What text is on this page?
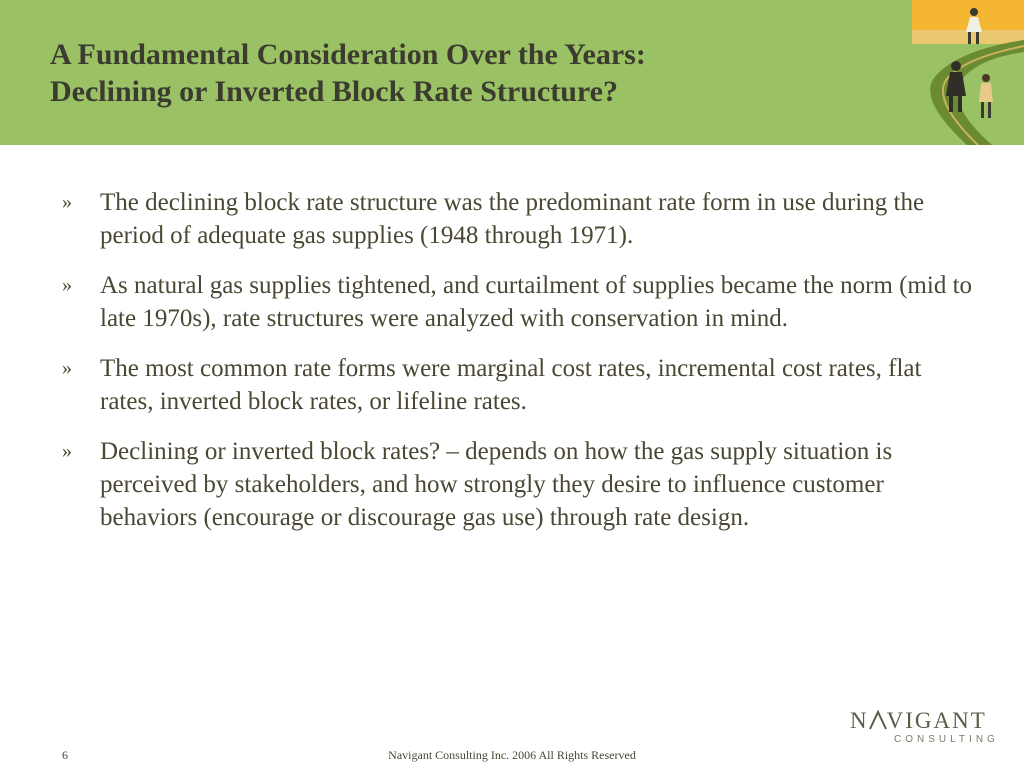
A Fundamental Consideration Over the Years:
Declining or Inverted Block Rate Structure?
»	The declining block rate structure was the predominant rate form in use during the period of adequate gas supplies (1948 through 1971).
»	As natural gas supplies tightened, and curtailment of supplies became the norm (mid to late 1970s), rate structures were analyzed with conservation in mind.
»	The most common rate forms were marginal cost rates, incremental cost rates, flat rates, inverted block rates, or lifeline rates.
»	Declining or inverted block rates? – depends on how the gas supply situation is perceived by stakeholders, and how strongly they desire to influence customer behaviors (encourage or discourage gas use) through rate design.
N VIGANT
CONSULTING
6	Navigant Consulting Inc. 2006 All Rights Reserved
